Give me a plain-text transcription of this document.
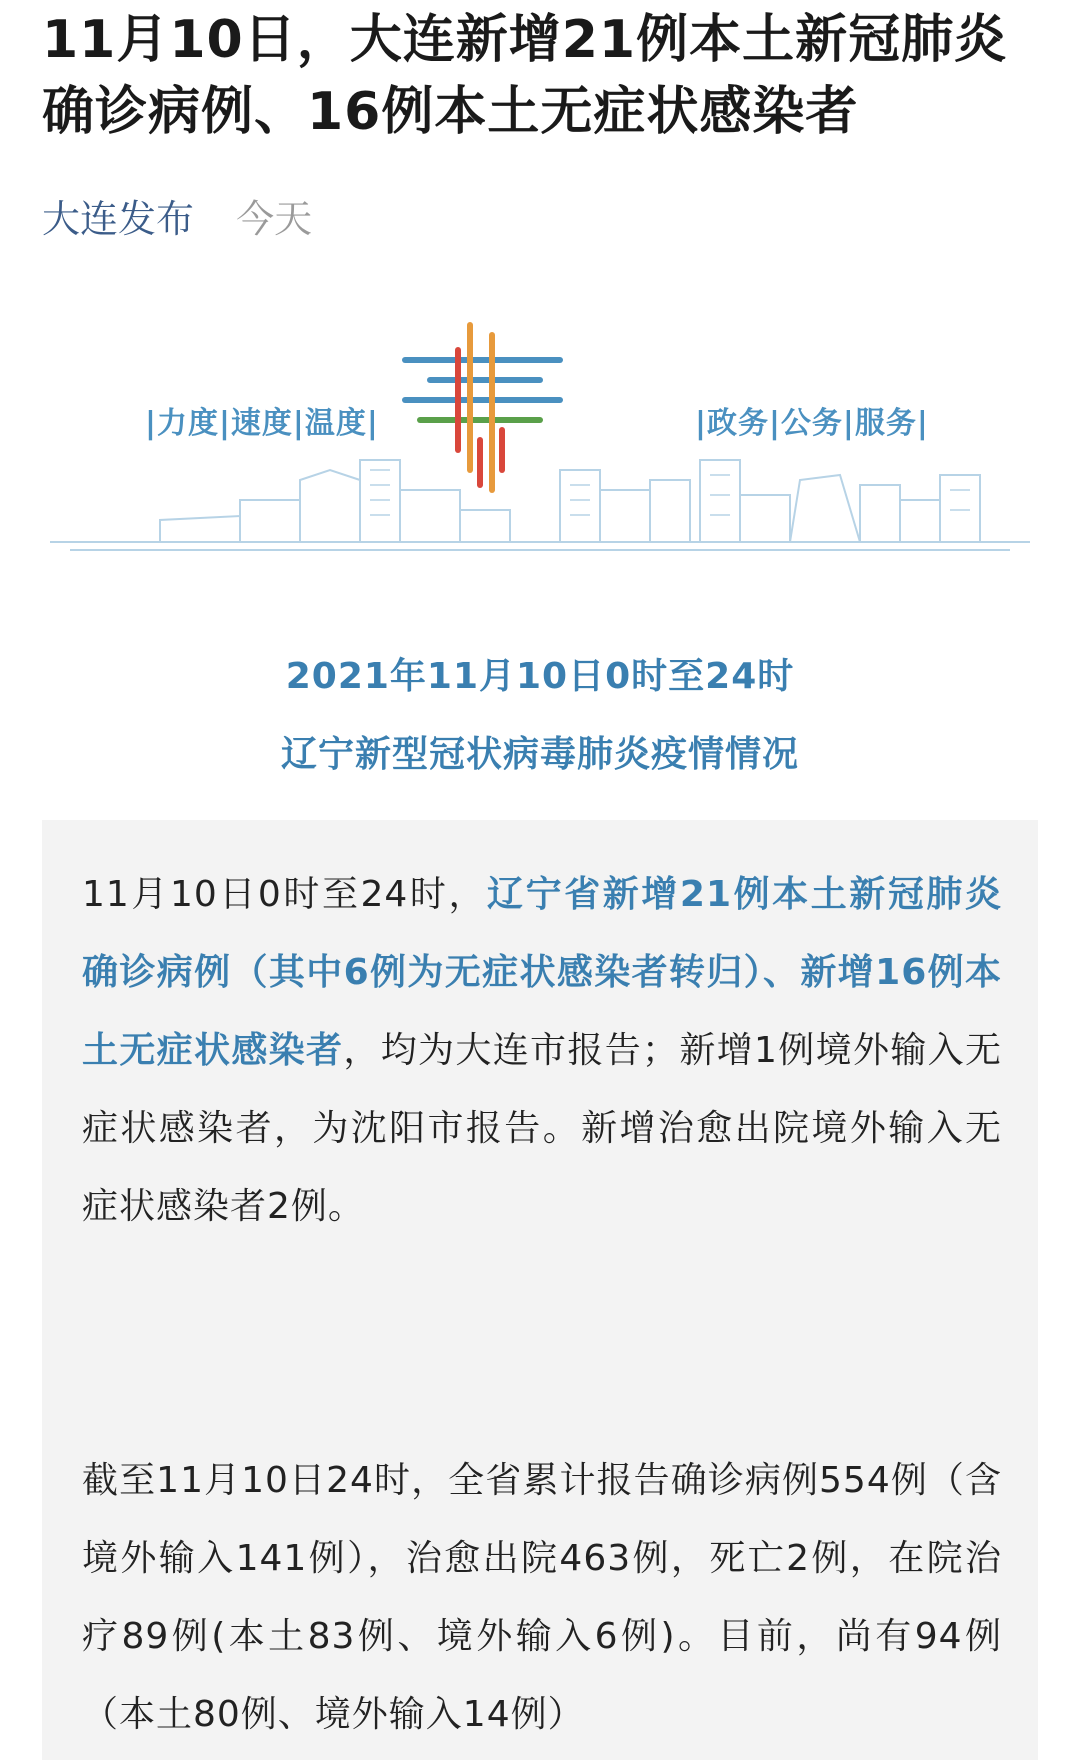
11月10日，大连新增21例本土新冠肺炎确诊病例、16例本土无症状感染者
大连发布 今天
|力度|速度|温度|	|政务|公务|服务|
2021年11月10日0时至24时
辽宁新型冠状病毒肺炎疫情情况

11月10日0时至24时，辽宁省新增21例本土新冠肺炎确诊病例（其中6例为无症状感染者转归）、新增16例本土无症状感染者，均为大连市报告；新增1例境外输入无症状感染者，为沈阳市报告。新增治愈出院境外输入无症状感染者2例。

截至11月10日24时，全省累计报告确诊病例554例（含境外输入141例），治愈出院463例，死亡2例，在院治疗89例(本土83例、境外输入6例)。目前，尚有94例（本土80例、境外输入14例）
